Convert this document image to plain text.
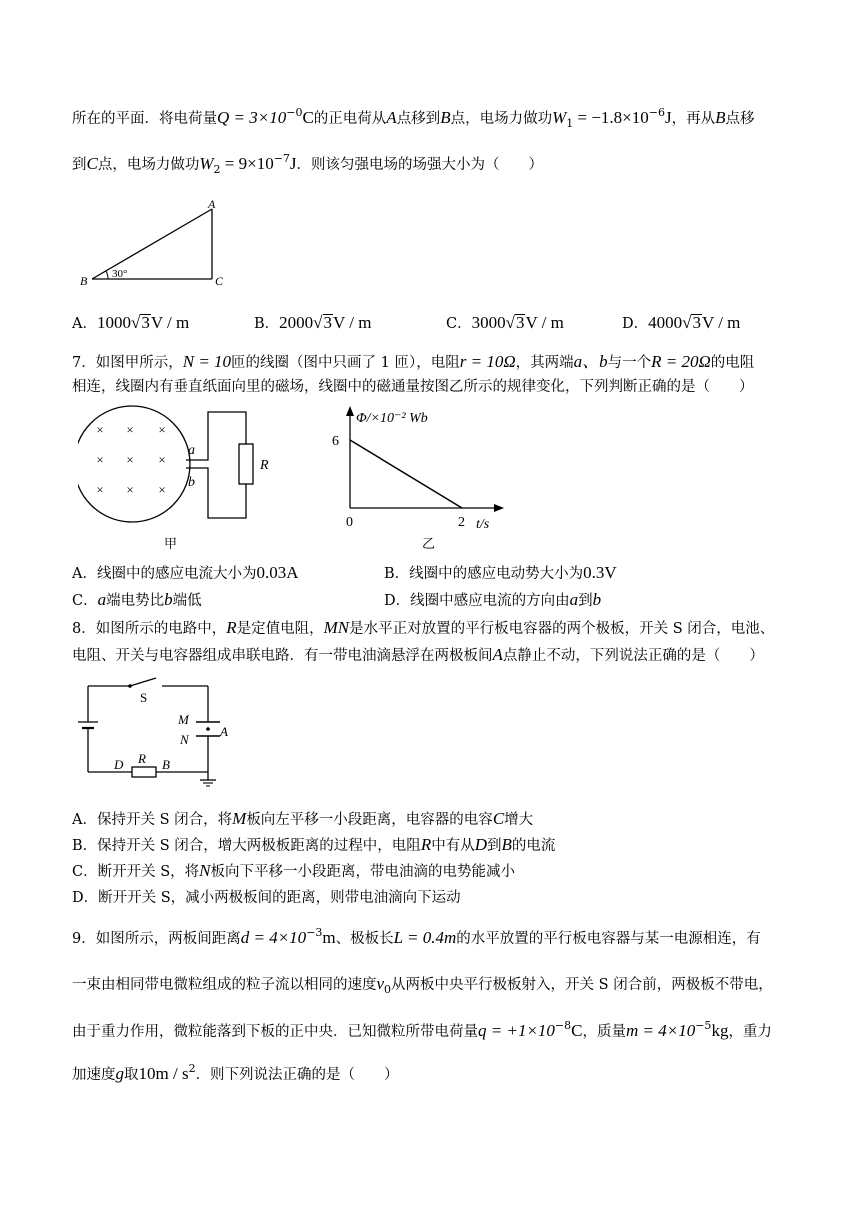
所在的平面．将电荷量$Q = 3\times 10^{-0}C$的正电荷从A点移到B点，电场力做功$W_1 = -1.8\times 10^{-6}J$，再从B点移
到C点，电场力做功$W_2 = 9\times 10^{-7}J$．则该匀强电场的场强大小为（　　）
A
B	C
30°
A．1000√3V / m	B．2000√3V / m	C．3000√3V / m	D．4000√3V / m
7．如图甲所示，N = 10匝的线圈（图中只画了 1 匝），电阻r = 10Ω，其两端a、b与一个R = 20Ω的电阻
相连，线圈内有垂直纸面向里的磁场，线圈中的磁通量按图乙所示的规律变化，下列判断正确的是（　　）
× × ×
× × ×
× × ×
a
b
R
甲
Φ/×10⁻² Wb
6
0	2 t/s
乙
A．线圈中的感应电流大小为0.03A	B．线圈中的感应电动势大小为0.3V
C．a端电势比b端低	D．线圈中感应电流的方向由a到b
8．如图所示的电路中，R是定值电阻，MN是水平正对放置的平行板电容器的两个极板，开关 S 闭合，电池、
电阻、开关与电容器组成串联电路．有一带电油滴悬浮在两极板间A点静止不动，下列说法正确的是（　　）
S
M
N
A
D R B
A．保持开关 S 闭合，将M板向左平移一小段距离，电容器的电容C增大
B．保持开关 S 闭合，增大两极板距离的过程中，电阻R中有从D到B的电流
C．断开开关 S，将N板向下平移一小段距离，带电油滴的电势能减小
D．断开开关 S，减小两极板间的距离，则带电油滴向下运动
9．如图所示，两板间距离$d = 4\times 10^{-3}m$、极板长L = 0.4m的水平放置的平行板电容器与某一电源相连，有
一束由相同带电微粒组成的粒子流以相同的速度$v_0$从两板中央平行极板射入，开关 S 闭合前，两极板不带电，
由于重力作用，微粒能落到下板的正中央．已知微粒所带电荷量$q = +1\times 10^{-8}C$，质量$m = 4\times 10^{-5}kg$，重力
加速度g取$10m / s^2$．则下列说法正确的是（　　）
